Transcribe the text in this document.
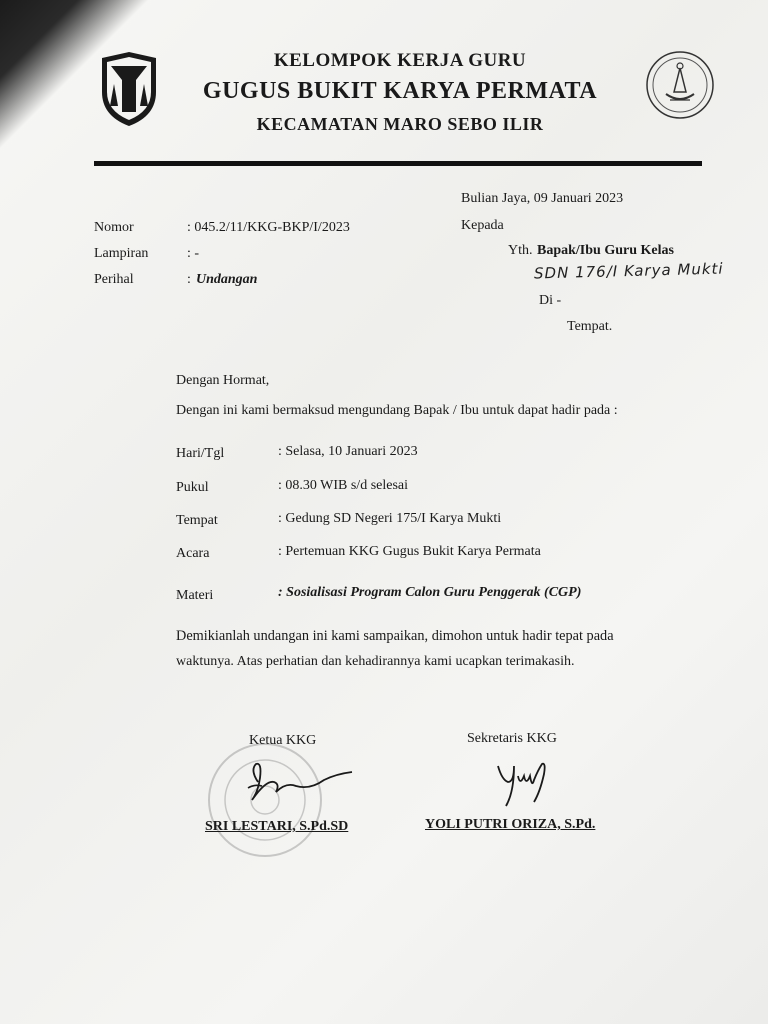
KELOMPOK KERJA GURU
GUGUS BUKIT KARYA PERMATA
KECAMATAN MARO SEBO ILIR
Bulian Jaya, 09 Januari 2023
Nomor	: 045.2/11/KKG-BKP/I/2023
Lampiran	: -
Perihal	: Undangan
Kepada
Yth. Bapak/Ibu Guru Kelas
SDN 176/I Karya Mukti
Di -
Tempat.
Dengan Hormat,
Dengan ini kami bermaksud mengundang Bapak / Ibu untuk dapat hadir pada :
Hari/Tgl	: Selasa, 10 Januari 2023
Pukul	: 08.30 WIB s/d selesai
Tempat	: Gedung SD Negeri 175/I Karya Mukti
Acara	: Pertemuan KKG Gugus Bukit Karya Permata
Materi	: Sosialisasi Program Calon Guru Penggerak (CGP)
Demikianlah undangan ini kami sampaikan, dimohon untuk hadir tepat pada
waktunya. Atas perhatian dan kehadirannya kami ucapkan terimakasih.
Ketua KKG	Sekretaris KKG
SRI LESTARI, S.Pd.SD	YOLI PUTRI ORIZA, S.Pd.
